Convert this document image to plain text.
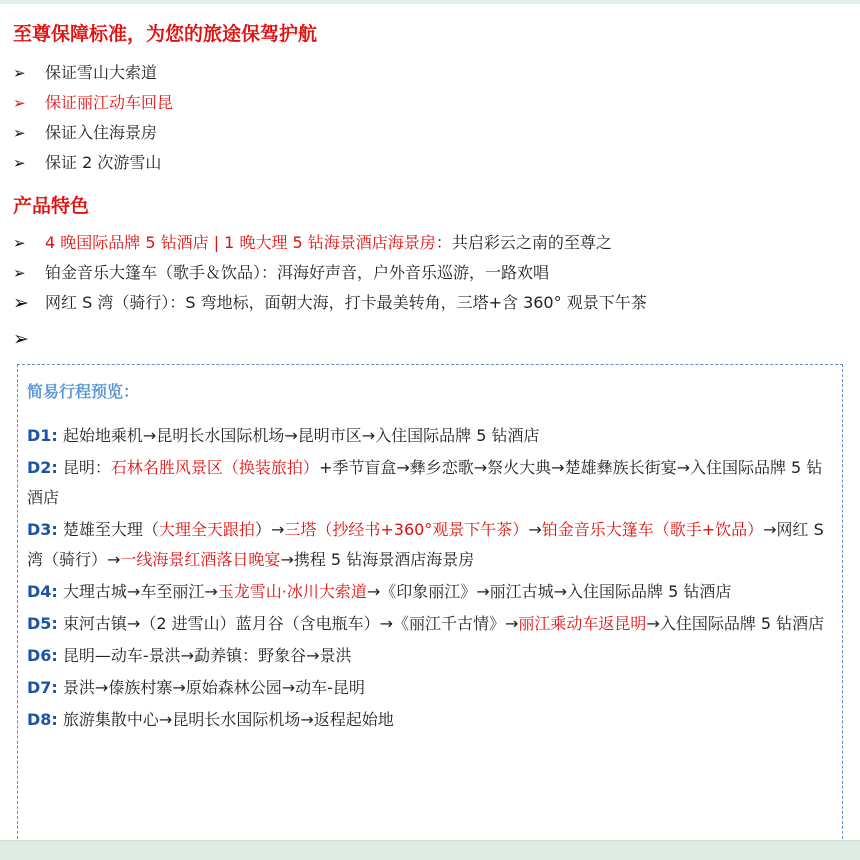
至尊保障标准，为您的旅途保驾护航
➢ 保证雪山大索道
➢ 保证丽江动车回昆
➢ 保证入住海景房
➢ 保证 2 次游雪山
产品特色
➢ 4 晚国际品牌 5 钻酒店 | 1 晚大理 5 钻海景酒店海景房：共启彩云之南的至尊之
➢ 铂金音乐大篷车（歌手＆饮品）：洱海好声音，户外音乐巡游，一路欢唱
➢ 网红 S 湾（骑行）：S 弯地标，面朝大海，打卡最美转角，三塔+含 360° 观景下午茶
➢
简易行程预览：
D1: 起始地乘机→昆明长水国际机场→昆明市区→入住国际品牌 5 钻酒店
D2: 昆明：石林名胜风景区（换装旅拍）+季节盲盒→彝乡恋歌→祭火大典→楚雄彝族长街宴→入住国际品牌 5 钻酒店
D3: 楚雄至大理（大理全天跟拍）→三塔（抄经书+360°观景下午茶）→铂金音乐大篷车（歌手+饮品）→网红 S 湾（骑行）→一线海景红酒落日晚宴→携程 5 钻海景酒店海景房
D4: 大理古城→车至丽江→玉龙雪山·冰川大索道→《印象丽江》→丽江古城→入住国际品牌 5 钻酒店
D5: 束河古镇→（2 进雪山）蓝月谷（含电瓶车）→《丽江千古情》→丽江乘动车返昆明→入住国际品牌 5 钻酒店
D6: 昆明—动车-景洪→勐养镇：野象谷→景洪
D7: 景洪→傣族村寨→原始森林公园→动车-昆明
D8: 旅游集散中心→昆明长水国际机场→返程起始地
